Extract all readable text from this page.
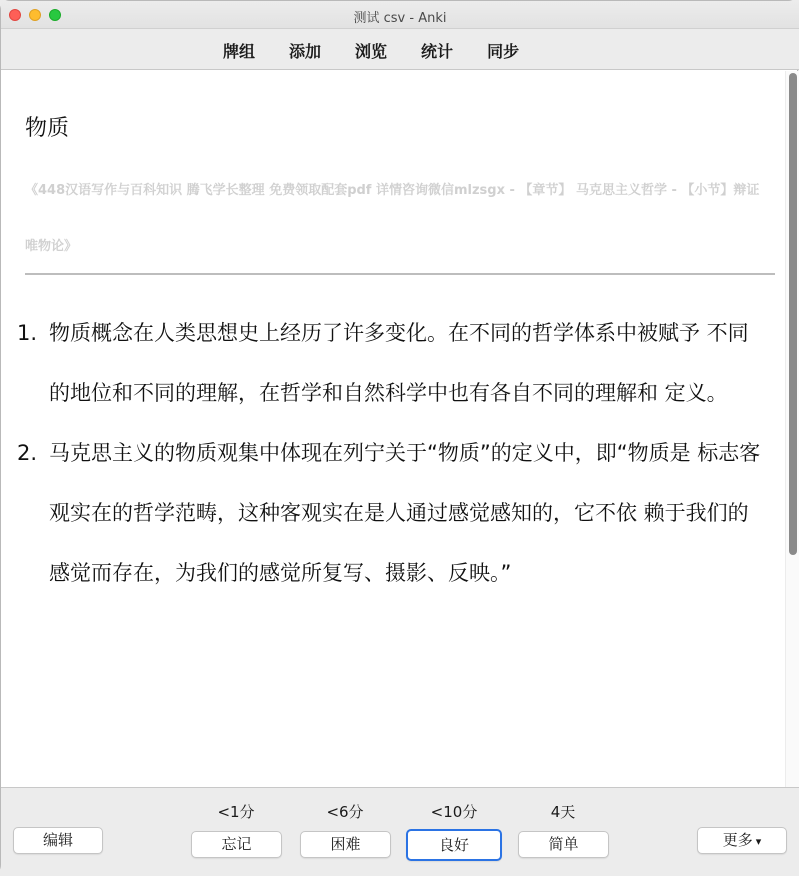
测试 csv - Anki
牌组 添加 浏览 统计 同步
物质
《448汉语写作与百科知识 腾飞学长整理 免费领取配套pdf 详情咨询微信mlzsgx - 【章节】 马克思主义哲学 - 【小节】辩证唯物论》
1. 物质概念在人类思想史上经历了许多变化。在不同的哲学体系中被赋予 不同的地位和不同的理解，在哲学和自然科学中也有各自不同的理解和 定义。
2. 马克思主义的物质观集中体现在列宁关于“物质”的定义中，即“物质是 标志客观实在的哲学范畴，这种客观实在是人通过感觉感知的，它不依 赖于我们的感觉而存在，为我们的感觉所复写、摄影、反映。”
编辑
<1分
忘记
<6分
困难
<10分
良好
4天
简单	更多 ▾
